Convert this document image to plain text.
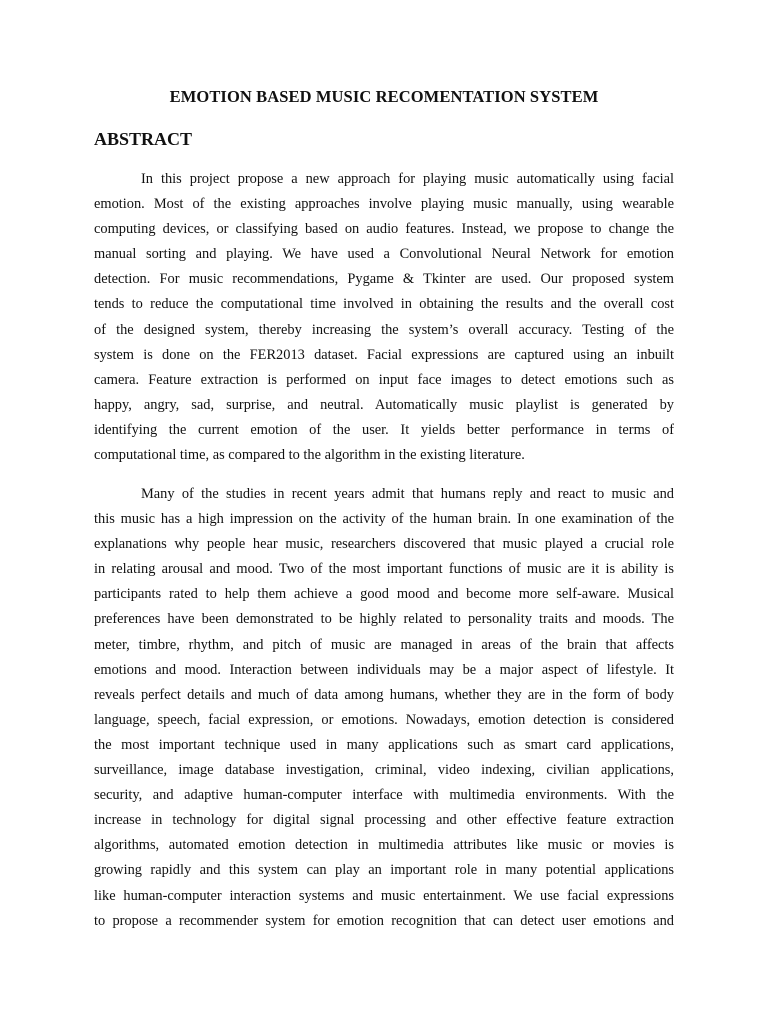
EMOTION BASED MUSIC RECOMENTATION SYSTEM
ABSTRACT
In this project propose a new approach for playing music automatically using facial
emotion. Most of the existing approaches involve playing music manually, using wearable
computing devices, or classifying based on audio features. Instead, we propose to change the
manual sorting and playing. We have used a Convolutional Neural Network for emotion
detection. For music recommendations, Pygame & Tkinter are used. Our proposed system
tends to reduce the computational time involved in obtaining the results and the overall cost
of the designed system, thereby increasing the system’s overall accuracy. Testing of the
system is done on the FER2013 dataset. Facial expressions are captured using an inbuilt
camera. Feature extraction is performed on input face images to detect emotions such as
happy, angry, sad, surprise, and neutral. Automatically music playlist is generated by
identifying the current emotion of the user. It yields better performance in terms of
computational time, as compared to the algorithm in the existing literature.
Many of the studies in recent years admit that humans reply and react to music and
this music has a high impression on the activity of the human brain. In one examination of the
explanations why people hear music, researchers discovered that music played a crucial role
in relating arousal and mood. Two of the most important functions of music are it is ability is
participants rated to help them achieve a good mood and become more self-aware. Musical
preferences have been demonstrated to be highly related to personality traits and moods. The
meter, timbre, rhythm, and pitch of music are managed in areas of the brain that affects
emotions and mood. Interaction between individuals may be a major aspect of lifestyle. It
reveals perfect details and much of data among humans, whether they are in the form of body
language, speech, facial expression, or emotions. Nowadays, emotion detection is considered
the most important technique used in many applications such as smart card applications,
surveillance, image database investigation, criminal, video indexing, civilian applications,
security, and adaptive human-computer interface with multimedia environments. With the
increase in technology for digital signal processing and other effective feature extraction
algorithms, automated emotion detection in multimedia attributes like music or movies is
growing rapidly and this system can play an important role in many potential applications
like human-computer interaction systems and music entertainment. We use facial expressions
to propose a recommender system for emotion recognition that can detect user emotions and
